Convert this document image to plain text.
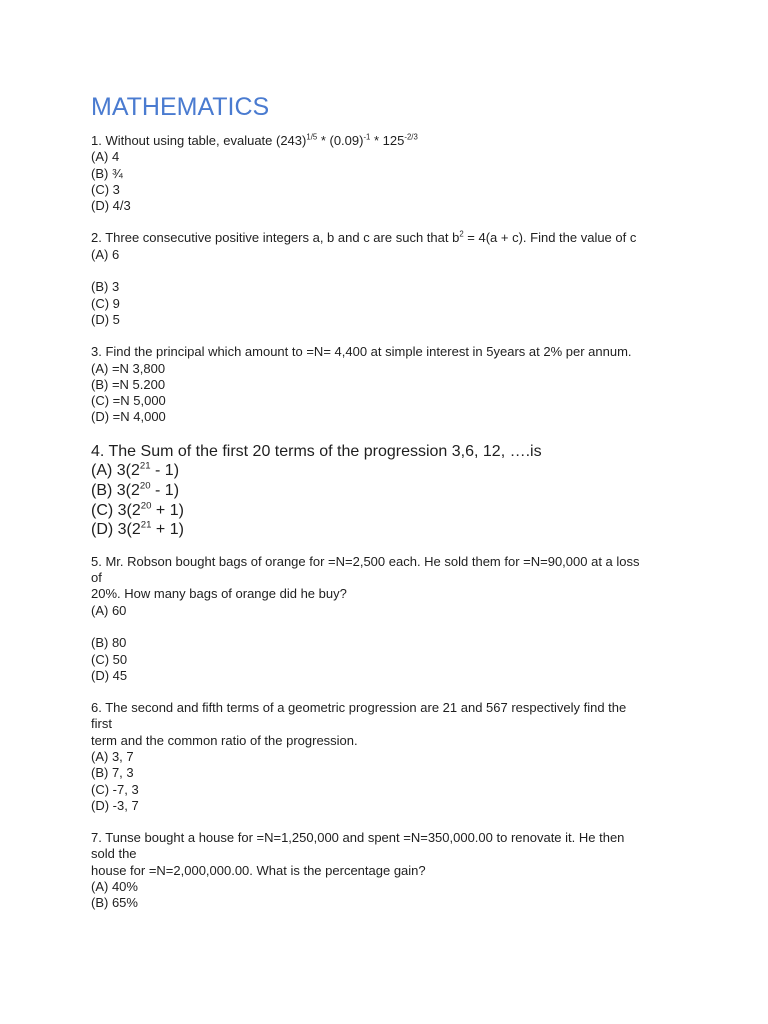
MATHEMATICS
1. Without using table, evaluate $(243)^{1/5} * (0.09)^{-1} * 125^{-2/3}$
(A) 4
(B) ¾
(C) 3
(D) 4/3
2. Three consecutive positive integers a, b and c are such that $b^2 = 4(a + c)$. Find the value of c
(A) 6
(B) 3
(C) 9
(D) 5
3. Find the principal which amount to =N= 4,400 at simple interest in 5years at 2% per annum.
(A) =N 3,800
(B) =N 5.200
(C) =N 5,000
(D) =N 4,000
4. The Sum of the first 20 terms of the progression 3,6, 12, ….is
(A) $3(2^{21} - 1)$
(B) $3(2^{20} - 1)$
(C) $3(2^{20} + 1)$
(D) $3(2^{21} + 1)$
5. Mr. Robson bought bags of orange for =N=2,500 each. He sold them for =N=90,000 at a loss
of
20%. How many bags of orange did he buy?
(A) 60
(B) 80
(C) 50
(D) 45
6. The second and fifth terms of a geometric progression are 21 and 567 respectively find the
first
term and the common ratio of the progression.
(A) 3, 7
(B) 7, 3
(C) -7, 3
(D) -3, 7
7. Tunse bought a house for =N=1,250,000 and spent =N=350,000.00 to renovate it. He then
sold the
house for =N=2,000,000.00. What is the percentage gain?
(A) 40%
(B) 65%
